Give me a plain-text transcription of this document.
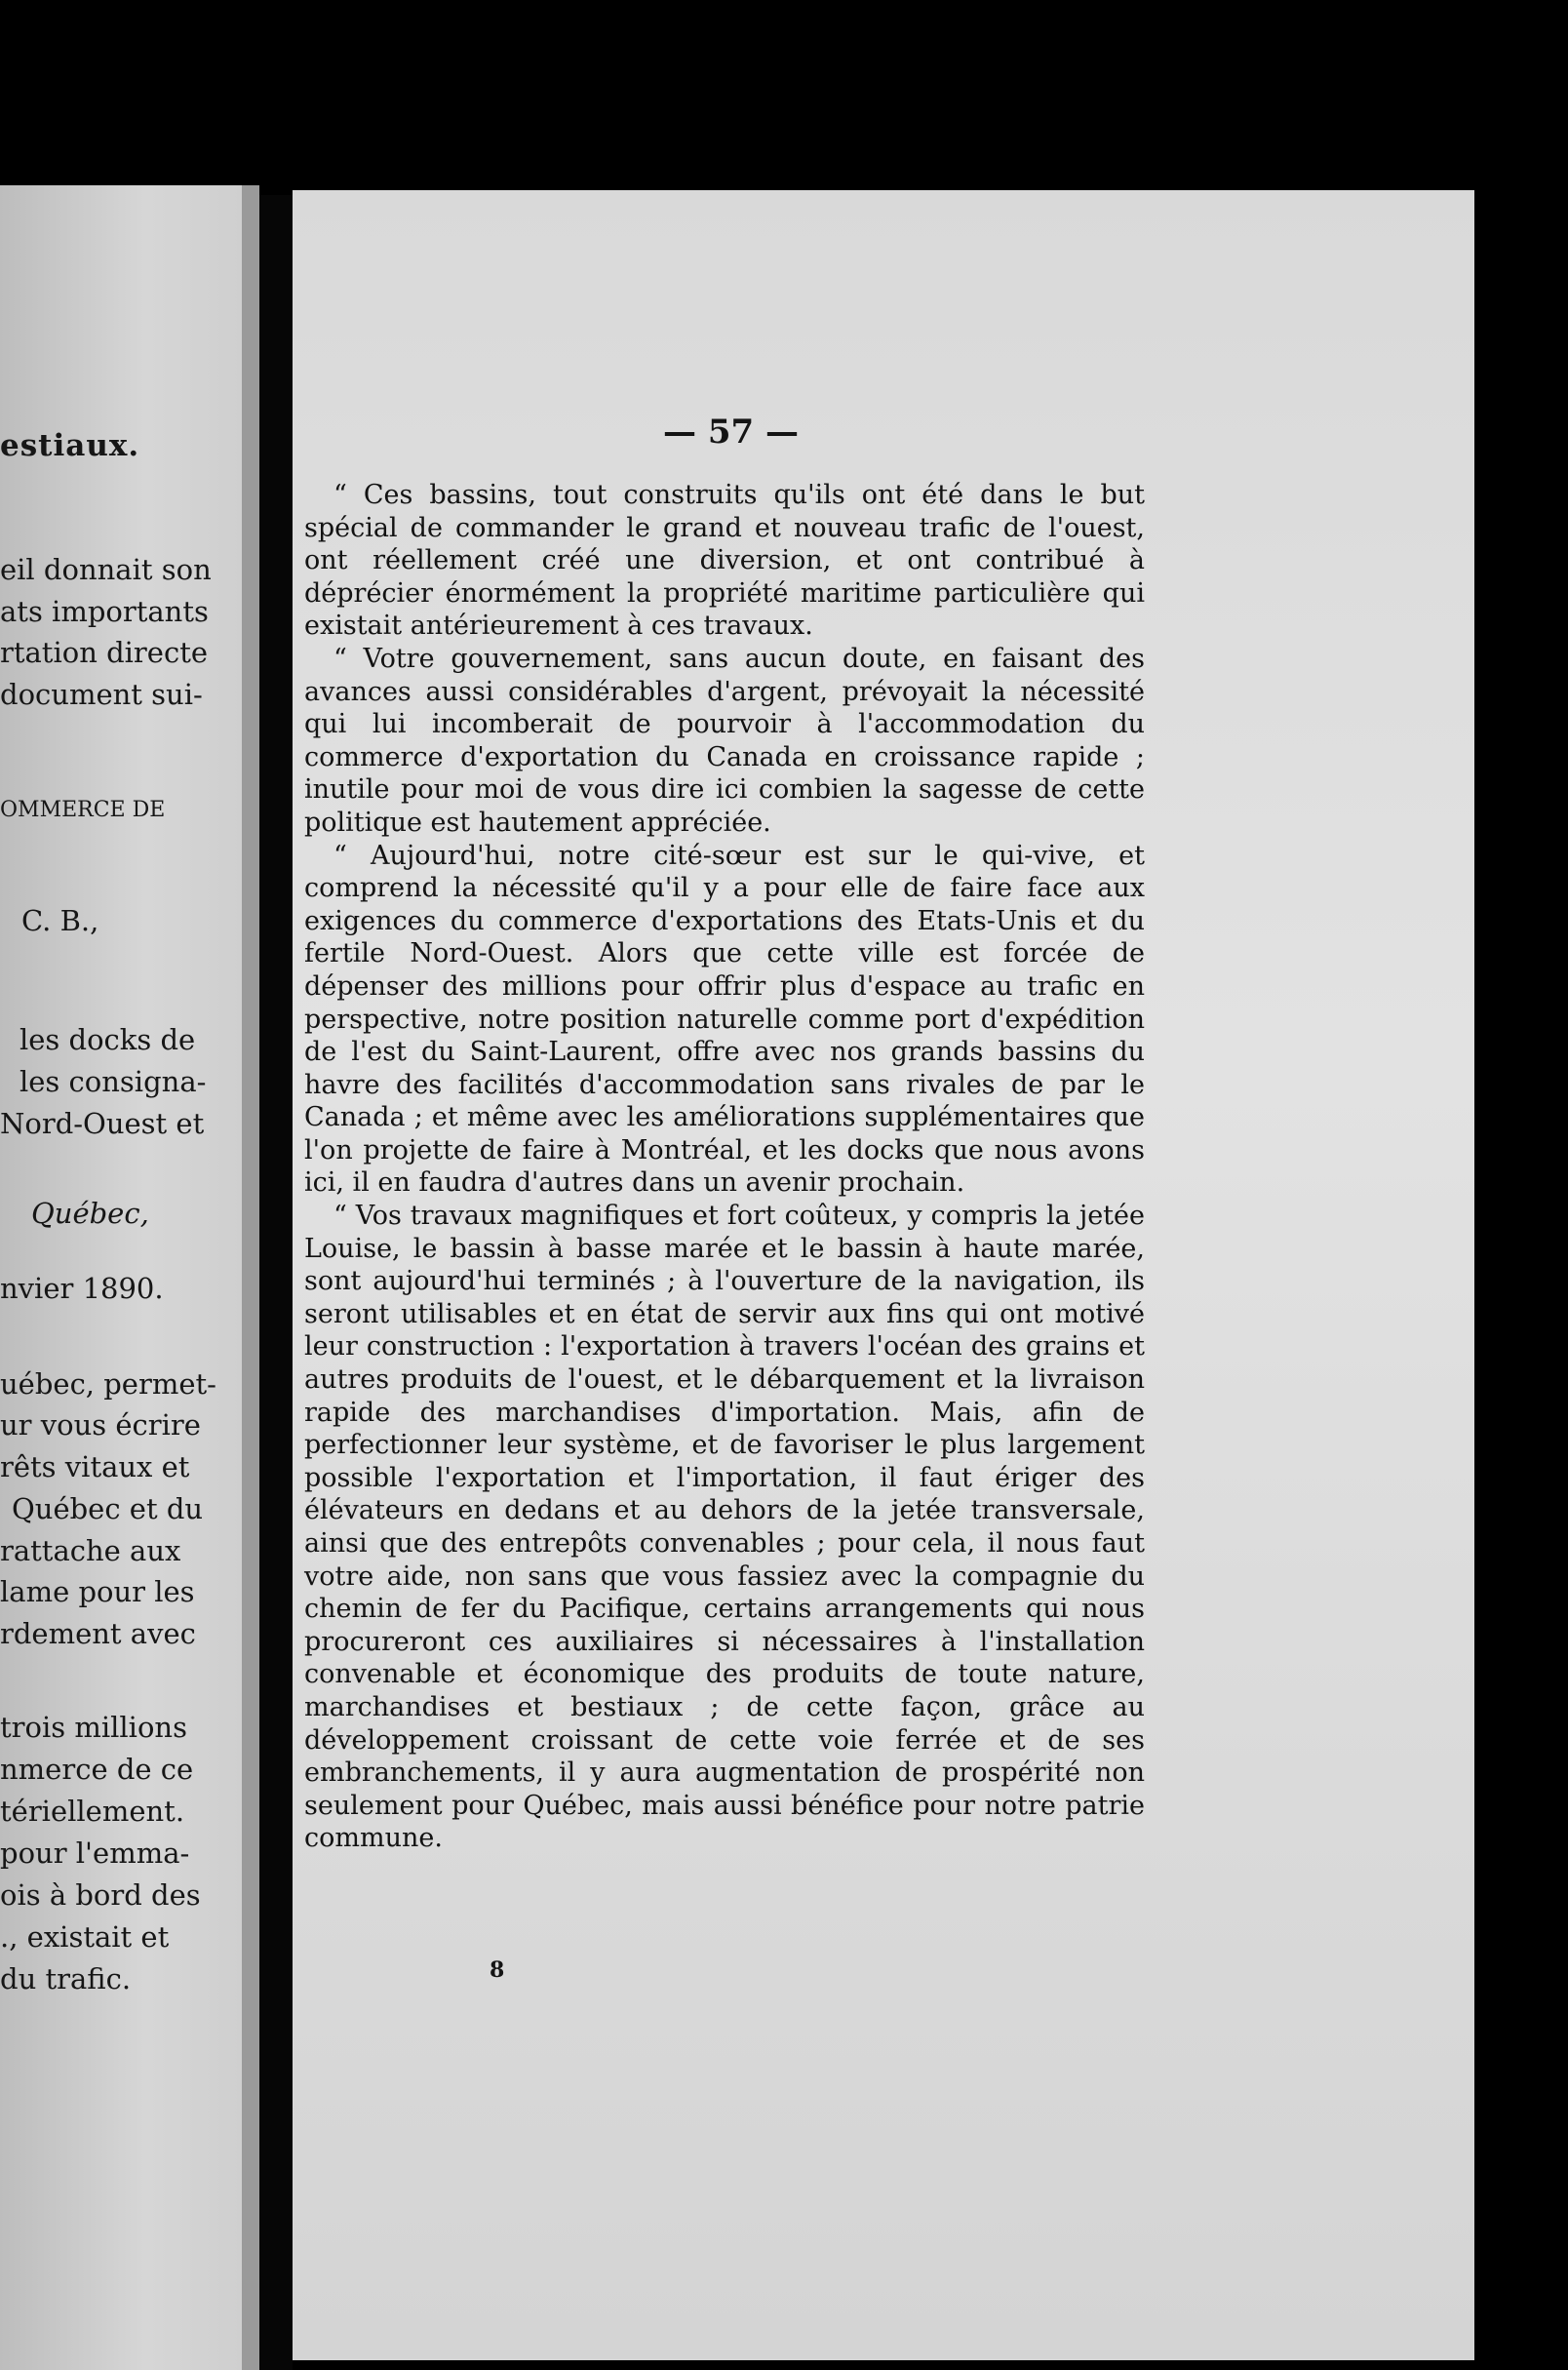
estiaux.
eil donnait son
ats importants
rtation directe
document sui-
OMMERCE DE
C. B.,
les docks de
les consigna-
Nord-Ouest et
Québec,
nvier 1890.
uébec, permet-
ur vous écrire
rêts vitaux et
Québec et du
rattache aux
lame pour les
rdement avec
trois millions
nmerce de ce
tériellement.
pour l'emma-
ois à bord des
., existait et
du trafic.
— 57 —

“ Ces bassins, tout construits qu'ils ont été dans le but spécial de commander le grand et nouveau trafic de l'ouest, ont réellement créé une diversion, et ont contribué à déprécier énormément la propriété maritime particulière qui existait antérieurement à ces travaux.

“ Votre gouvernement, sans aucun doute, en faisant des avances aussi considérables d'argent, prévoyait la nécessité qui lui incomberait de pourvoir à l'accommodation du commerce d'exportation du Canada en croissance rapide ; inutile pour moi de vous dire ici combien la sagesse de cette politique est hautement appréciée.

“ Aujourd'hui, notre cité-sœur est sur le qui-vive, et comprend la nécessité qu'il y a pour elle de faire face aux exigences du commerce d'exportations des Etats-Unis et du fertile Nord-Ouest. Alors que cette ville est forcée de dépenser des millions pour offrir plus d'espace au trafic en perspective, notre position naturelle comme port d'expédition de l'est du Saint-Laurent, offre avec nos grands bassins du havre des facilités d'accommodation sans rivales de par le Canada ; et même avec les améliorations supplémentaires que l'on projette de faire à Montréal, et les docks que nous avons ici, il en faudra d'autres dans un avenir prochain.

“ Vos travaux magnifiques et fort coûteux, y compris la jetée Louise, le bassin à basse marée et le bassin à haute marée, sont aujourd'hui terminés ; à l'ouverture de la navigation, ils seront utilisables et en état de servir aux fins qui ont motivé leur construction : l'exportation à travers l'océan des grains et autres produits de l'ouest, et le débarquement et la livraison rapide des marchandises d'importation. Mais, afin de perfectionner leur système, et de favoriser le plus largement possible l'exportation et l'importation, il faut ériger des élévateurs en dedans et au dehors de la jetée transversale, ainsi que des entrepôts convenables ; pour cela, il nous faut votre aide, non sans que vous fassiez avec la compagnie du chemin de fer du Pacifique, certains arrangements qui nous procureront ces auxiliaires si nécessaires à l'installation convenable et économique des produits de toute nature, marchandises et bestiaux ; de cette façon, grâce au développement croissant de cette voie ferrée et de ses embranchements, il y aura augmentation de prospérité non seulement pour Québec, mais aussi bénéfice pour notre patrie commune.

8
